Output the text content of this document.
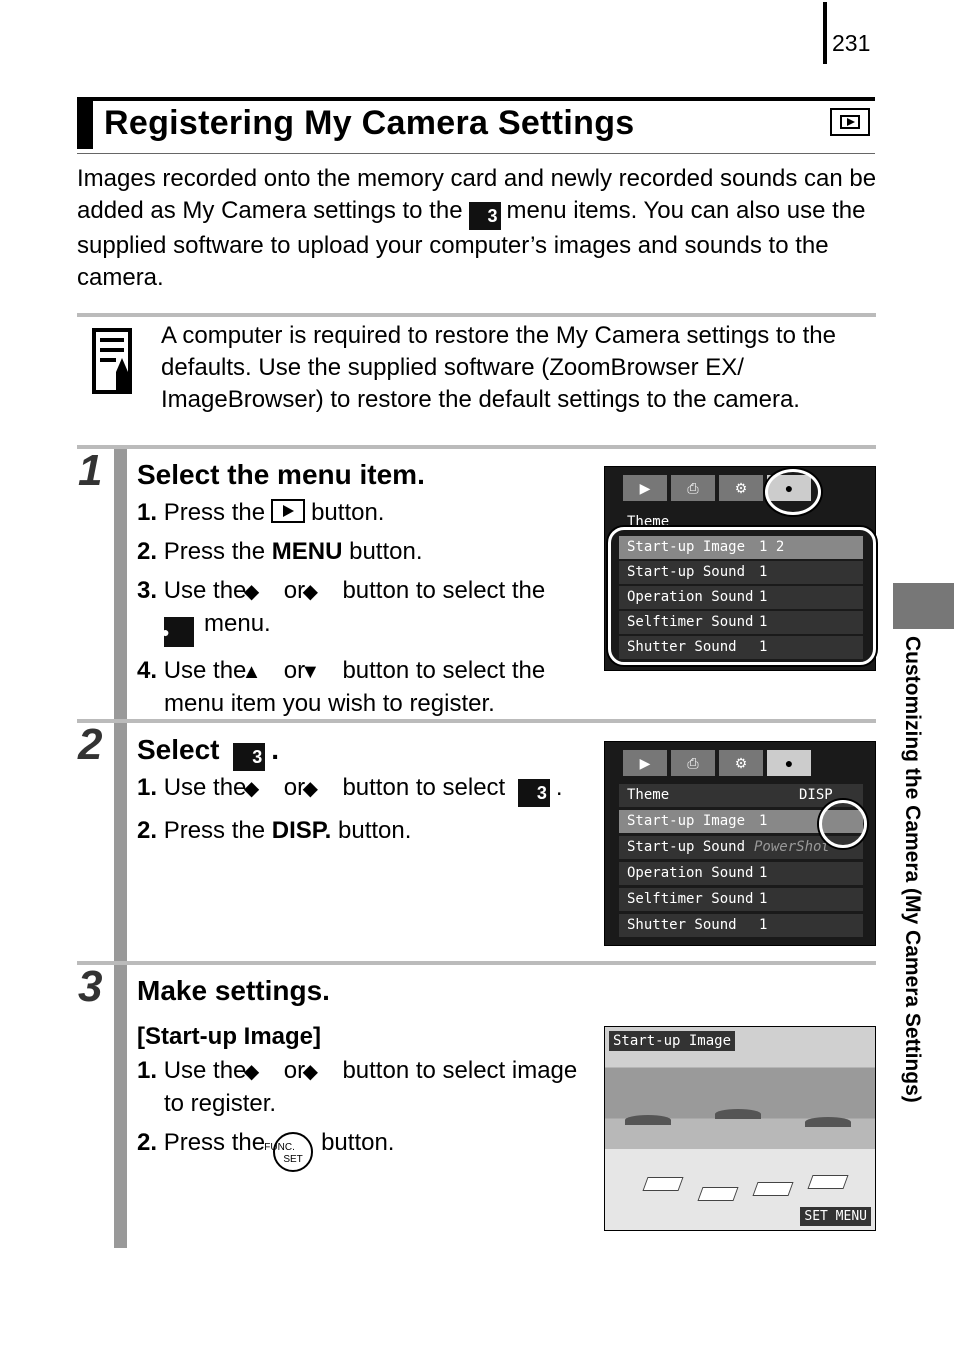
231
Registering My Camera Settings
Images recorded onto the memory card and newly recorded sounds can be added as My Camera settings to the 3 menu items. You can also use the supplied software to upload your computer’s images and sounds to the camera.
A computer is required to restore the My Camera settings to the defaults. Use the supplied software (ZoomBrowser EX/ ImageBrowser) to restore the default settings to the camera.
1 Select the menu item.
1. Press the button.
2. Press the MENU button.
3. Use the ◆ or ◆ button to select the
● menu.
4. Use the ▲ or ▼ button to select the menu item you wish to register.
▶	⎙	⚙	●
Theme
Start-up Image 1 2
Start-up Sound 1
Operation Sound 1
Selftimer Sound 1
Shutter Sound 1
2 Select 3 .
1. Use the ◆ or ◆ button to select 3 .
2. Press the DISP. button.
▶	⎙	⚙	●
Theme	DISP
Start-up Image 1
Start-up Sound PowerShot
Operation Sound 1
Selftimer Sound 1
Shutter Sound 1
3 Make settings.
[Start-up Image]
1. Use the ◆ or ◆ button to select image to register.
2. Press theFUNC.
SETbutton.
Start-up Image
SET MENU
Customizing the Camera (My Camera Settings)
